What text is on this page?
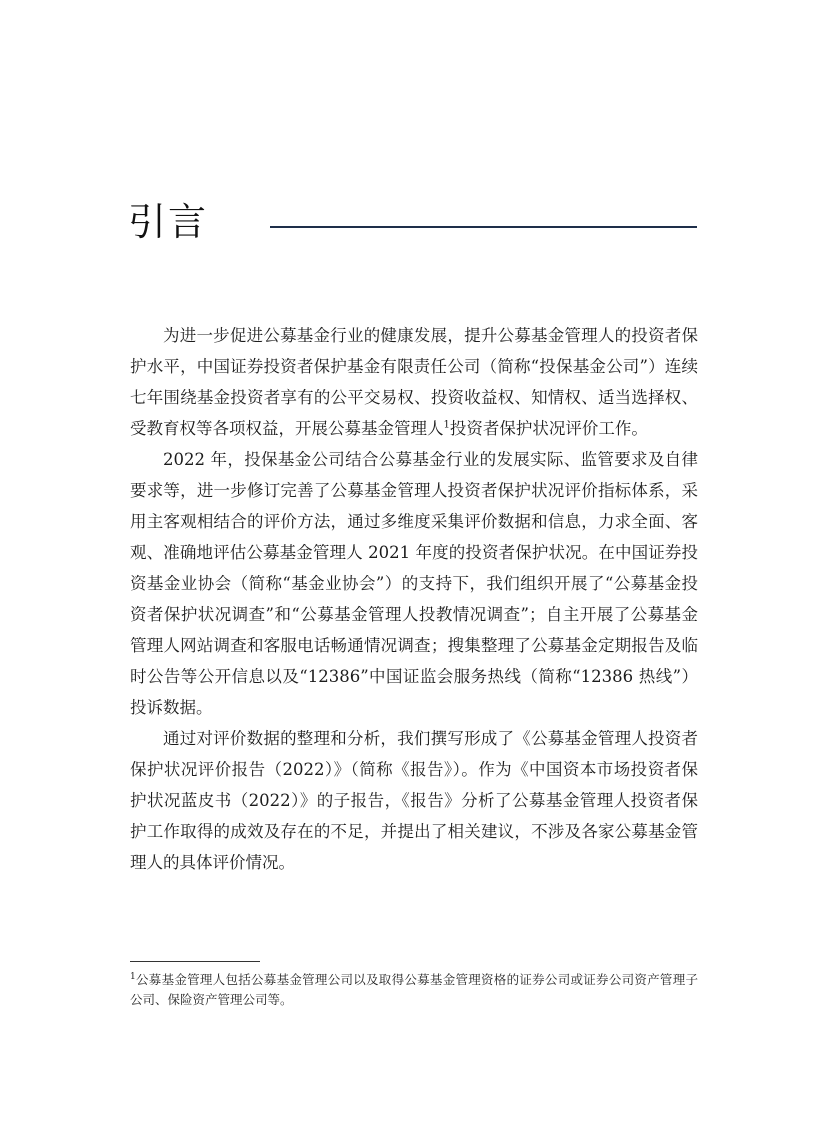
引言

为进一步促进公募基金行业的健康发展，提升公募基金管理人的投资者保护水平，中国证券投资者保护基金有限责任公司（简称“投保基金公司”）连续七年围绕基金投资者享有的公平交易权、投资收益权、知情权、适当选择权、受教育权等各项权益，开展公募基金管理人$^1$投资者保护状况评价工作。

2022 年，投保基金公司结合公募基金行业的发展实际、监管要求及自律要求等，进一步修订完善了公募基金管理人投资者保护状况评价指标体系，采用主客观相结合的评价方法，通过多维度采集评价数据和信息，力求全面、客观、准确地评估公募基金管理人 2021 年度的投资者保护状况。在中国证券投资基金业协会（简称“基金业协会”）的支持下，我们组织开展了“公募基金投资者保护状况调查”和“公募基金管理人投教情况调查”；自主开展了公募基金管理人网站调查和客服电话畅通情况调查；搜集整理了公募基金定期报告及临时公告等公开信息以及“12386”中国证监会服务热线（简称“12386 热线”）投诉数据。

通过对评价数据的整理和分析，我们撰写形成了《公募基金管理人投资者保护状况评价报告（2022）》（简称《报告》）。作为《中国资本市场投资者保护状况蓝皮书（2022）》的子报告，《报告》分析了公募基金管理人投资者保护工作取得的成效及存在的不足，并提出了相关建议，不涉及各家公募基金管理人的具体评价情况。

$^1$公募基金管理人包括公募基金管理公司以及取得公募基金管理资格的证券公司或证券公司资产管理子公司、保险资产管理公司等。
